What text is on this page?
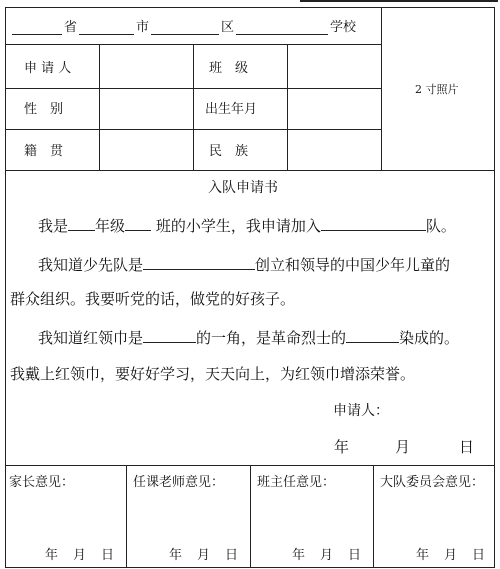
省	市	区	学校
申 请 人	班　级
性　别	出生年月
籍　贯	民　族
2 寸照片
入队申请书
我是 年级 班的小学生，我申请加入	队。
我知道少先队是	创立和领导的中国少年儿童的
群众组织。我要听党的话，做党的好孩子。
我知道红领巾是	的一角，是革命烈士的	染成的。
我戴上红领巾，要好好学习，天天向上，为红领巾增添荣誉。
申请人：
年	月	日
家长意见：	任课老师意见：	班主任意见：	大队委员会意见：
年 月 日	年 月 日	年 月 日	年 月 日
